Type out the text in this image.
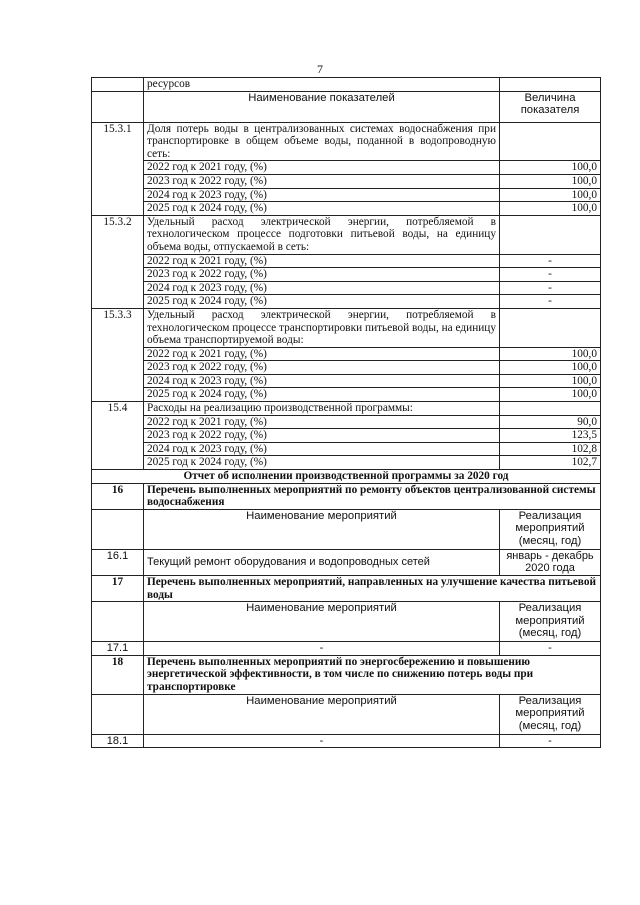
7
	ресурсов	
	Наименование показателей	Величина показателя
15.3.1	Доля потерь воды в централизованных системах водоснабжения при транспортировке в общем объеме воды, поданной в водопроводную сеть:	
	2022 год к 2021 году, (%)	100,0
	2023 год к 2022 году, (%)	100,0
	2024 год к 2023 году, (%)	100,0
	2025 год к 2024 году, (%)	100,0
15.3.2	Удельный расход электрической энергии, потребляемой в технологическом процессе подготовки питьевой воды, на единицу объема воды, отпускаемой в сеть:	
	2022 год к 2021 году, (%)	-
	2023 год к 2022 году, (%)	-
	2024 год к 2023 году, (%)	-
	2025 год к 2024 году, (%)	-
15.3.3	Удельный расход электрической энергии, потребляемой в технологическом процессе транспортировки питьевой воды, на единицу объема транспортируемой воды:	
	2022 год к 2021 году, (%)	100,0
	2023 год к 2022 году, (%)	100,0
	2024 год к 2023 году, (%)	100,0
	2025 год к 2024 году, (%)	100,0
15.4	Расходы на реализацию производственной программы:	
	2022 год к 2021 году, (%)	90,0
	2023 год к 2022 году, (%)	123,5
	2024 год к 2023 году, (%)	102,8
	2025 год к 2024 году, (%)	102,7
Отчет об исполнении производственной программы за 2020 год		
16	Перечень выполненных мероприятий по ремонту объектов централизованной системы водоснабжения	
	Наименование мероприятий	Реализация мероприятий (месяц, год)
16.1	Текущий ремонт оборудования и водопроводных сетей	январь - декабрь 2020 года
17	Перечень выполненных мероприятий, направленных на улучшение качества питьевой воды	
	Наименование мероприятий	Реализация мероприятий (месяц, год)
17.1	-	-
18	Перечень выполненных мероприятий по энергосбережению и повышению энергетической эффективности, в том числе по снижению потерь воды при транспортировке	
	Наименование мероприятий	Реализация мероприятий (месяц, год)
18.1	-	-
